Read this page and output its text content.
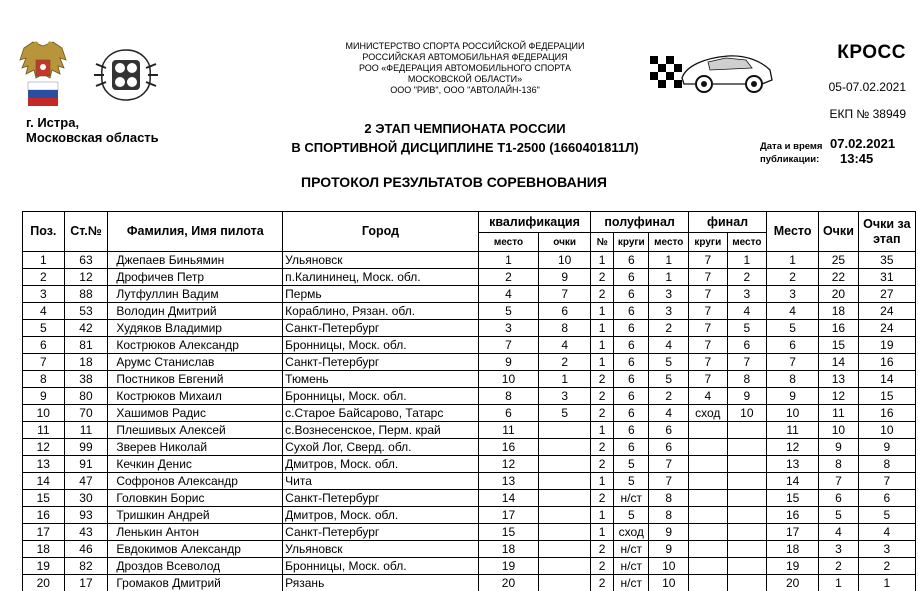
г. Истра,
Московская область
МИНИСТЕРСТВО СПОРТА РОССИЙСКОЙ ФЕДЕРАЦИИ
РОССИЙСКАЯ АВТОМОБИЛЬНАЯ ФЕДЕРАЦИЯ
РОО «ФЕДЕРАЦИЯ АВТОМОБИЛЬНОГО СПОРТА
МОСКОВСКОЙ ОБЛАСТИ»
ООО "РИВ", ООО "АВТОЛАЙН-136"
КРОСС
05-07.02.2021
ЕКП № 38949
2 ЭТАП ЧЕМПИОНАТА РОССИИ
В СПОРТИВНОЙ ДИСЦИПЛИНЕ Т1-2500 (1660401811Л)	Дата и время
публикации:
07.02.2021
13:45
ПРОТОКОЛ РЕЗУЛЬТАТОВ СОРЕВНОВАНИЯ
Поз.	Ст.№	Фамилия, Имя пилота	Город	квалификация		полуфинал			финал		Место	Очки	Очки за
этап

				место	очки	№	круги	место	круги	место			
1	63	Джепаев Биньямин	Ульяновск	1	10	1	6	1	7	1	1	25	35
2	12	Дрофичев Петр	п.Калининец, Моск. обл.	2	9	2	6	1	7	2	2	22	31
3	88	Лутфуллин Вадим	Пермь	4	7	2	6	3	7	3	3	20	27
4	53	Володин Дмитрий	Кораблино, Рязан. обл.	5	6	1	6	3	7	4	4	18	24
5	42	Худяков Владимир	Санкт-Петербург	3	8	1	6	2	7	5	5	16	24
6	81	Кострюков Александр	Бронницы, Моск. обл.	7	4	1	6	4	7	6	6	15	19
7	18	Арумс Станислав	Санкт-Петербург	9	2	1	6	5	7	7	7	14	16
8	38	Постников Евгений	Тюмень	10	1	2	6	5	7	8	8	13	14
9	80	Кострюков Михаил	Бронницы, Моск. обл.	8	3	2	6	2	4	9	9	12	15
10	70	Хашимов Радис	с.Старое Байсарово, Татарс	6	5	2	6	4	сход	10	10	11	16
11	11	Плешивых Алексей	с.Вознесенское, Перм. край	11		1	6	6			11	10	10
12	99	Зверев Николай	Сухой Лог, Сверд. обл.	16		2	6	6			12	9	9
13	91	Кечкин Денис	Дмитров, Моск. обл.	12		2	5	7			13	8	8
14	47	Софронов Александр	Чита	13		1	5	7			14	7	7
15	30	Головкин Борис	Санкт-Петербург	14		2	н/ст	8			15	6	6
16	93	Тришкин Андрей	Дмитров, Моск. обл.	17		1	5	8			16	5	5
17	43	Ленькин Антон	Санкт-Петербург	15		1	сход	9			17	4	4
18	46	Евдокимов Александр	Ульяновск	18		2	н/ст	9			18	3	3
19	82	Дроздов Всеволод	Бронницы, Моск. обл.	19		2	н/ст	10			19	2	2
20	17	Громаков Дмитрий	Рязань	20		2	н/ст	10			20	1	1
